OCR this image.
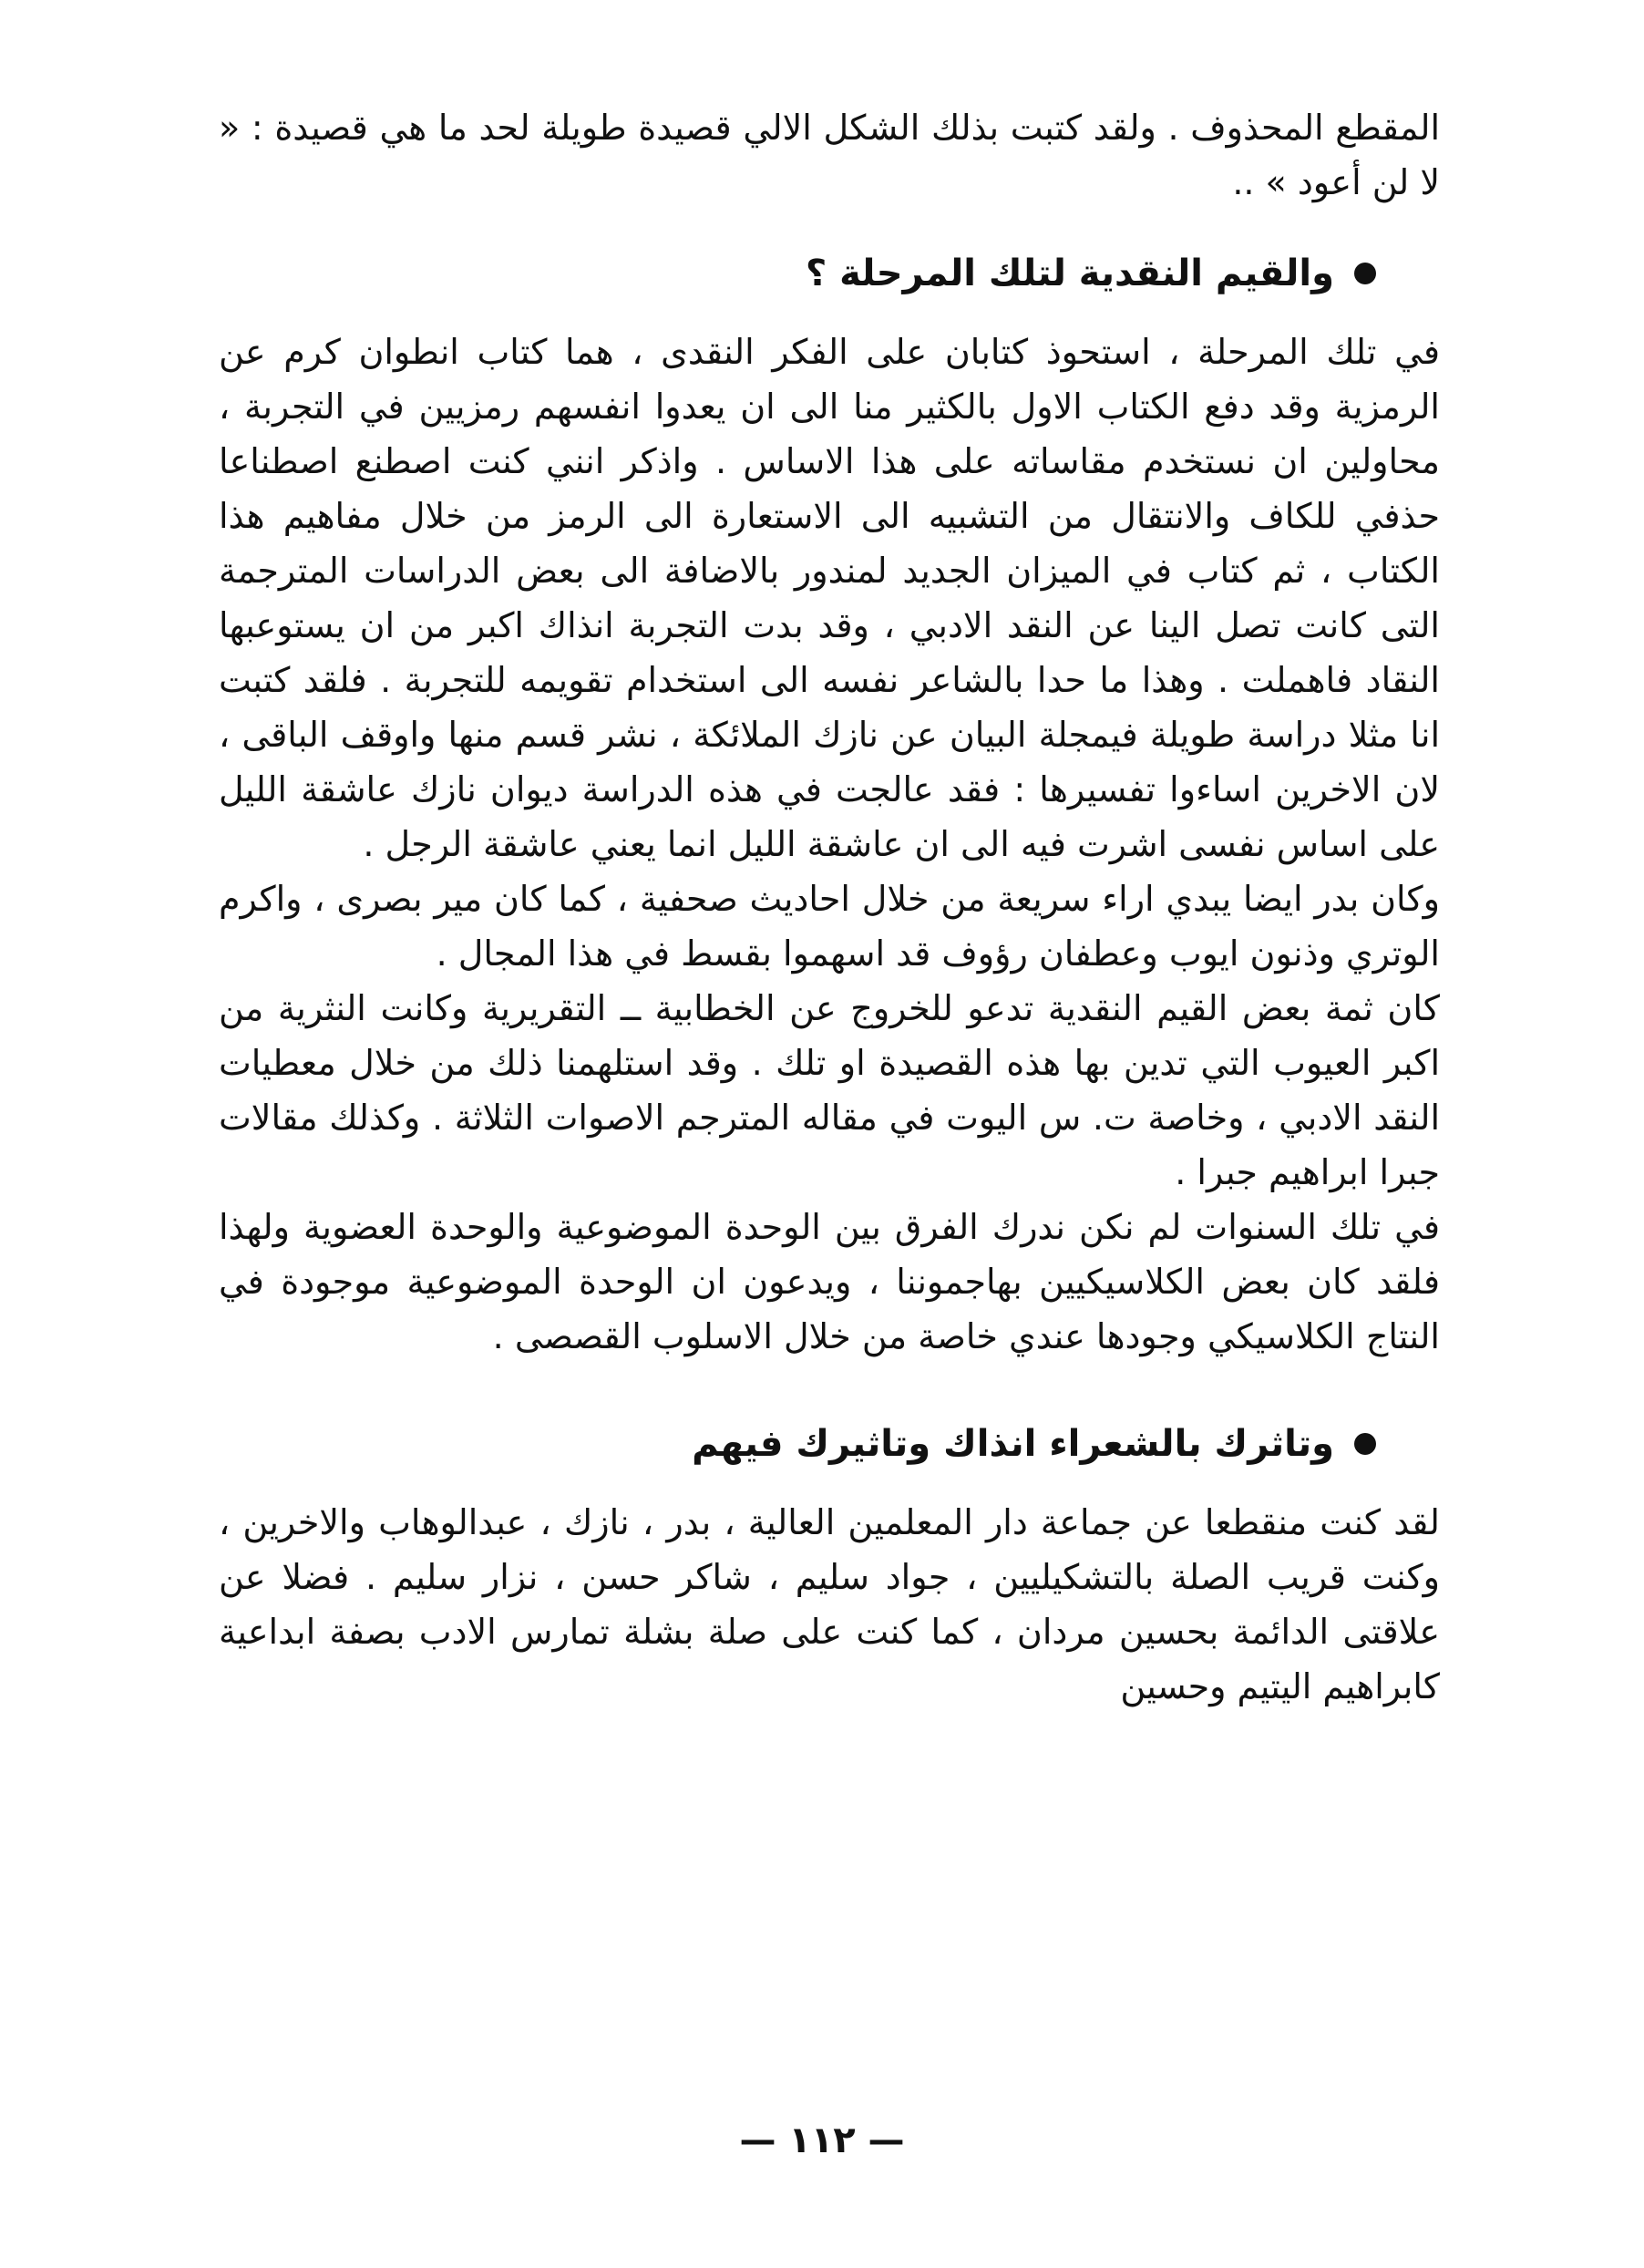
المقطع المحذوف . ولقد كتبت بذلك الشكل الالي قصيدة طويلة لحد ما هي قصيدة : « لا لن أعود » ..

والقيم النقدية لتلك المرحلة ؟

في تلك المرحلة ، استحوذ كتابان على الفكر النقدى ، هما كتاب انطوان كرم عن الرمزية وقد دفع الكتاب الاول بالكثير منا الى ان يعدوا انفسهم رمزيين في التجربة ، محاولين ان نستخدم مقاساته على هذا الاساس . واذكر انني كنت اصطنع اصطناعا حذفي للكاف والانتقال من التشبيه الى الاستعارة الى الرمز من خلال مفاهيم هذا الكتاب ، ثم كتاب في الميزان الجديد لمندور بالاضافة الى بعض الدراسات المترجمة التى كانت تصل الينا عن النقد الادبي ، وقد بدت التجربة انذاك اكبر من ان يستوعبها النقاد فاهملت . وهذا ما حدا بالشاعر نفسه الى استخدام تقويمه للتجربة . فلقد كتبت انا مثلا دراسة طويلة فيمجلة البيان عن نازك الملائكة ، نشر قسم منها واوقف الباقى ، لان الاخرين اساءوا تفسيرها : فقد عالجت في هذه الدراسة ديوان نازك عاشقة الليل على اساس نفسى اشرت فيه الى ان عاشقة الليل انما يعني عاشقة الرجل .

وكان بدر ايضا يبدي اراء سريعة من خلال احاديث صحفية ، كما كان مير بصرى ، واكرم الوتري وذنون ايوب وعطفان رؤوف قد اسهموا بقسط في هذا المجال .

كان ثمة بعض القيم النقدية تدعو للخروج عن الخطابية ــ التقريرية وكانت النثرية من اكبر العيوب التي تدين بها هذه القصيدة او تلك . وقد استلهمنا ذلك من خلال معطيات النقد الادبي ، وخاصة ت. س اليوت في مقاله المترجم الاصوات الثلاثة . وكذلك مقالات جبرا ابراهيم جبرا .

في تلك السنوات لم نكن ندرك الفرق بين الوحدة الموضوعية والوحدة العضوية ولهذا فلقد كان بعض الكلاسيكيين بهاجموننا ، ويدعون ان الوحدة الموضوعية موجودة في النتاج الكلاسيكي وجودها عندي خاصة من خلال الاسلوب القصصى .

وتاثرك بالشعراء انذاك وتاثيرك فيهم

لقد كنت منقطعا عن جماعة دار المعلمين العالية ، بدر ، نازك ، عبدالوهاب والاخرين ، وكنت قريب الصلة بالتشكيليين ، جواد سليم ، شاكر حسن ، نزار سليم . فضلا عن علاقتى الدائمة بحسين مردان ، كما كنت على صلة بشلة تمارس الادب بصفة ابداعية كابراهيم اليتيم وحسين

— ١١٢ —
